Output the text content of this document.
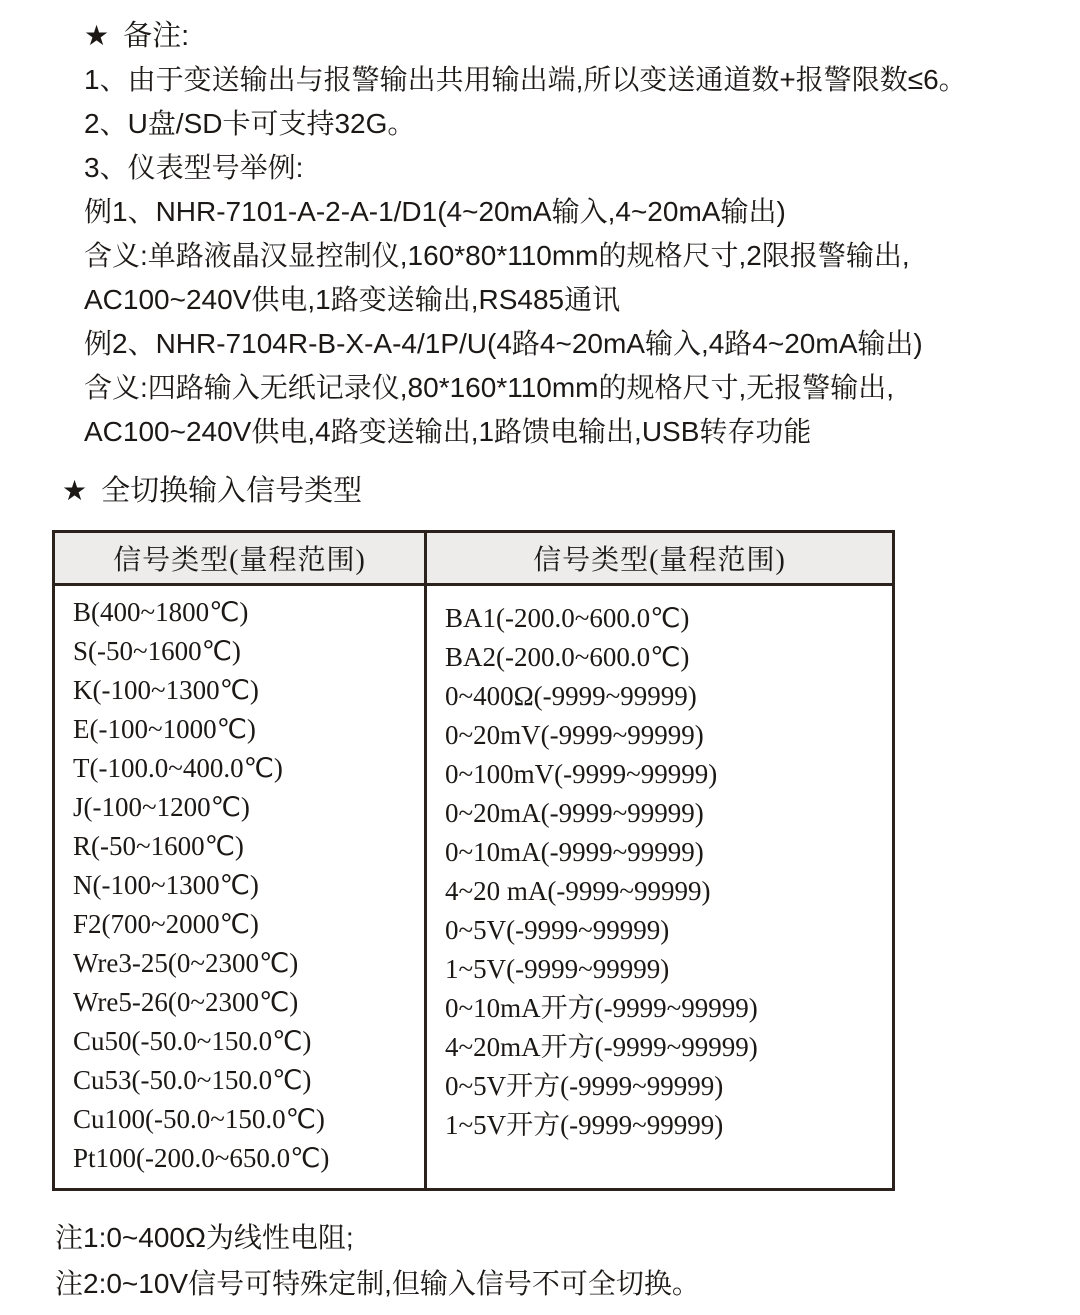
★ 备注:
1、由于变送输出与报警输出共用输出端,所以变送通道数+报警限数≤6。
2、U盘/SD卡可支持32G。
3、仪表型号举例:
例1、NHR-7101-A-2-A-1/D1(4~20mA输入,4~20mA输出)
含义:单路液晶汉显控制仪,160*80*110mm的规格尺寸,2限报警输出,
AC100~240V供电,1路变送输出,RS485通讯
例2、NHR-7104R-B-X-A-4/1P/U(4路4~20mA输入,4路4~20mA输出)
含义:四路输入无纸记录仪,80*160*110mm的规格尺寸,无报警输出,
AC100~240V供电,4路变送输出,1路馈电输出,USB转存功能
★ 全切换输入信号类型
信号类型(量程范围)	信号类型(量程范围)
B(400~1800℃)
S(-50~1600℃)
K(-100~1300℃)
E(-100~1000℃)
T(-100.0~400.0℃)
J(-100~1200℃)
R(-50~1600℃)
N(-100~1300℃)
F2(700~2000℃)
Wre3-25(0~2300℃)
Wre5-26(0~2300℃)
Cu50(-50.0~150.0℃)
Cu53(-50.0~150.0℃)
Cu100(-50.0~150.0℃)
Pt100(-200.0~650.0℃)
BA1(-200.0~600.0℃)
BA2(-200.0~600.0℃)
0~400Ω(-9999~99999)
0~20mV(-9999~99999)
0~100mV(-9999~99999)
0~20mA(-9999~99999)
0~10mA(-9999~99999)
4~20 mA(-9999~99999)
0~5V(-9999~99999)
1~5V(-9999~99999)
0~10mA开方(-9999~99999)
4~20mA开方(-9999~99999)
0~5V开方(-9999~99999)
1~5V开方(-9999~99999)
注1:0~400Ω为线性电阻;
注2:0~10V信号可特殊定制,但输入信号不可全切换。
